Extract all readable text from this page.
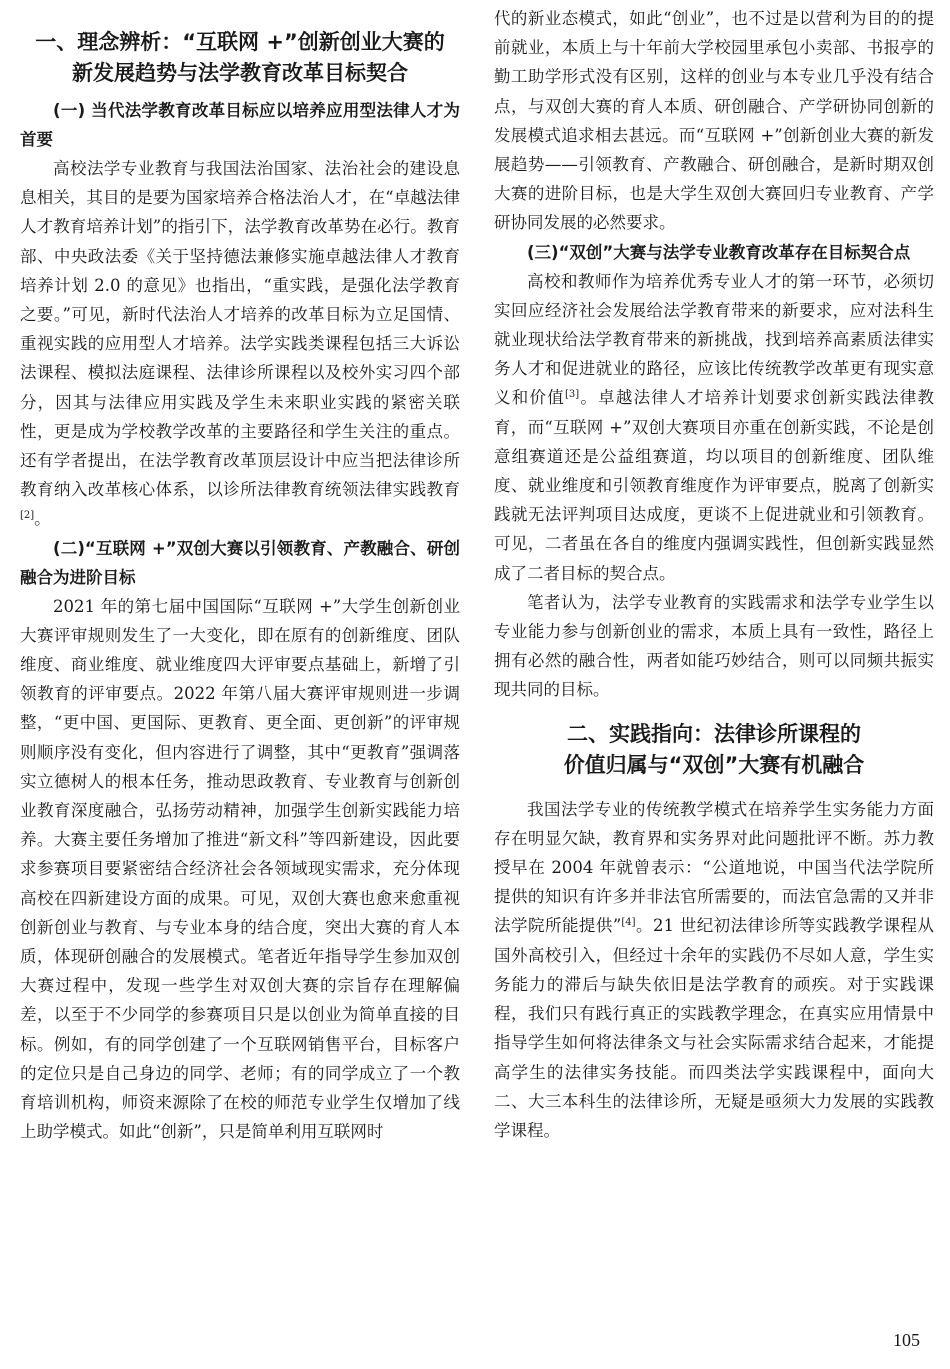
一、理念辨析：“互联网 +”创新创业大赛的
新发展趋势与法学教育改革目标契合

(一) 当代法学教育改革目标应以培养应用型法律人才为首要

高校法学专业教育与我国法治国家、法治社会的建设息息相关，其目的是要为国家培养合格法治人才，在“卓越法律人才教育培养计划”的指引下，法学教育改革势在必行。教育部、中央政法委《关于坚持德法兼修实施卓越法律人才教育培养计划 2.0 的意见》也指出，“重实践，是强化法学教育之要。”可见，新时代法治人才培养的改革目标为立足国情、重视实践的应用型人才培养。法学实践类课程包括三大诉讼法课程、模拟法庭课程、法律诊所课程以及校外实习四个部分，因其与法律应用实践及学生未来职业实践的紧密关联性，更是成为学校教学改革的主要路径和学生关注的重点。还有学者提出，在法学教育改革顶层设计中应当把法律诊所教育纳入改革核心体系，以诊所法律教育统领法律实践教育[2]。

(二)“互联网 +”双创大赛以引领教育、产教融合、研创融合为进阶目标

2021 年的第七届中国国际“互联网 +”大学生创新创业大赛评审规则发生了一大变化，即在原有的创新维度、团队维度、商业维度、就业维度四大评审要点基础上，新增了引领教育的评审要点。2022 年第八届大赛评审规则进一步调整，“更中国、更国际、更教育、更全面、更创新”的评审规则顺序没有变化，但内容进行了调整，其中“更教育”强调落实立德树人的根本任务，推动思政教育、专业教育与创新创业教育深度融合，弘扬劳动精神，加强学生创新实践能力培养。大赛主要任务增加了推进“新文科”等四新建设，因此要求参赛项目要紧密结合经济社会各领域现实需求，充分体现高校在四新建设方面的成果。可见，双创大赛也愈来愈重视创新创业与教育、与专业本身的结合度，突出大赛的育人本质，体现研创融合的发展模式。笔者近年指导学生参加双创大赛过程中，发现一些学生对双创大赛的宗旨存在理解偏差，以至于不少同学的参赛项目只是以创业为简单直接的目标。例如，有的同学创建了一个互联网销售平台，目标客户的定位只是自己身边的同学、老师；有的同学成立了一个教育培训机构，师资来源除了在校的师范专业学生仅增加了线上助学模式。如此“创新”，只是简单利用互联网时

代的新业态模式，如此“创业”，也不过是以营利为目的的提前就业，本质上与十年前大学校园里承包小卖部、书报亭的勤工助学形式没有区别，这样的创业与本专业几乎没有结合点，与双创大赛的育人本质、研创融合、产学研协同创新的发展模式追求相去甚远。而“互联网 +”创新创业大赛的新发展趋势——引领教育、产教融合、研创融合，是新时期双创大赛的进阶目标，也是大学生双创大赛回归专业教育、产学研协同发展的必然要求。

(三)“双创”大赛与法学专业教育改革存在目标契合点

高校和教师作为培养优秀专业人才的第一环节，必须切实回应经济社会发展给法学教育带来的新要求，应对法科生就业现状给法学教育带来的新挑战，找到培养高素质法律实务人才和促进就业的路径，应该比传统教学改革更有现实意义和价值[3]。卓越法律人才培养计划要求创新实践法律教育，而“互联网 +”双创大赛项目亦重在创新实践，不论是创意组赛道还是公益组赛道，均以项目的创新维度、团队维度、就业维度和引领教育维度作为评审要点，脱离了创新实践就无法评判项目达成度，更谈不上促进就业和引领教育。可见，二者虽在各自的维度内强调实践性，但创新实践显然成了二者目标的契合点。

笔者认为，法学专业教育的实践需求和法学专业学生以专业能力参与创新创业的需求，本质上具有一致性，路径上拥有必然的融合性，两者如能巧妙结合，则可以同频共振实现共同的目标。

二、实践指向：法律诊所课程的
价值归属与“双创”大赛有机融合

我国法学专业的传统教学模式在培养学生实务能力方面存在明显欠缺，教育界和实务界对此问题批评不断。苏力教授早在 2004 年就曾表示：“公道地说，中国当代法学院所提供的知识有许多并非法官所需要的，而法官急需的又并非法学院所能提供”[4]。21 世纪初法律诊所等实践教学课程从国外高校引入，但经过十余年的实践仍不尽如人意，学生实务能力的滞后与缺失依旧是法学教育的顽疾。对于实践课程，我们只有践行真正的实践教学理念，在真实应用情景中指导学生如何将法律条文与社会实际需求结合起来，才能提高学生的法律实务技能。而四类法学实践课程中，面向大二、大三本科生的法律诊所，无疑是亟须大力发展的实践教学课程。

105
